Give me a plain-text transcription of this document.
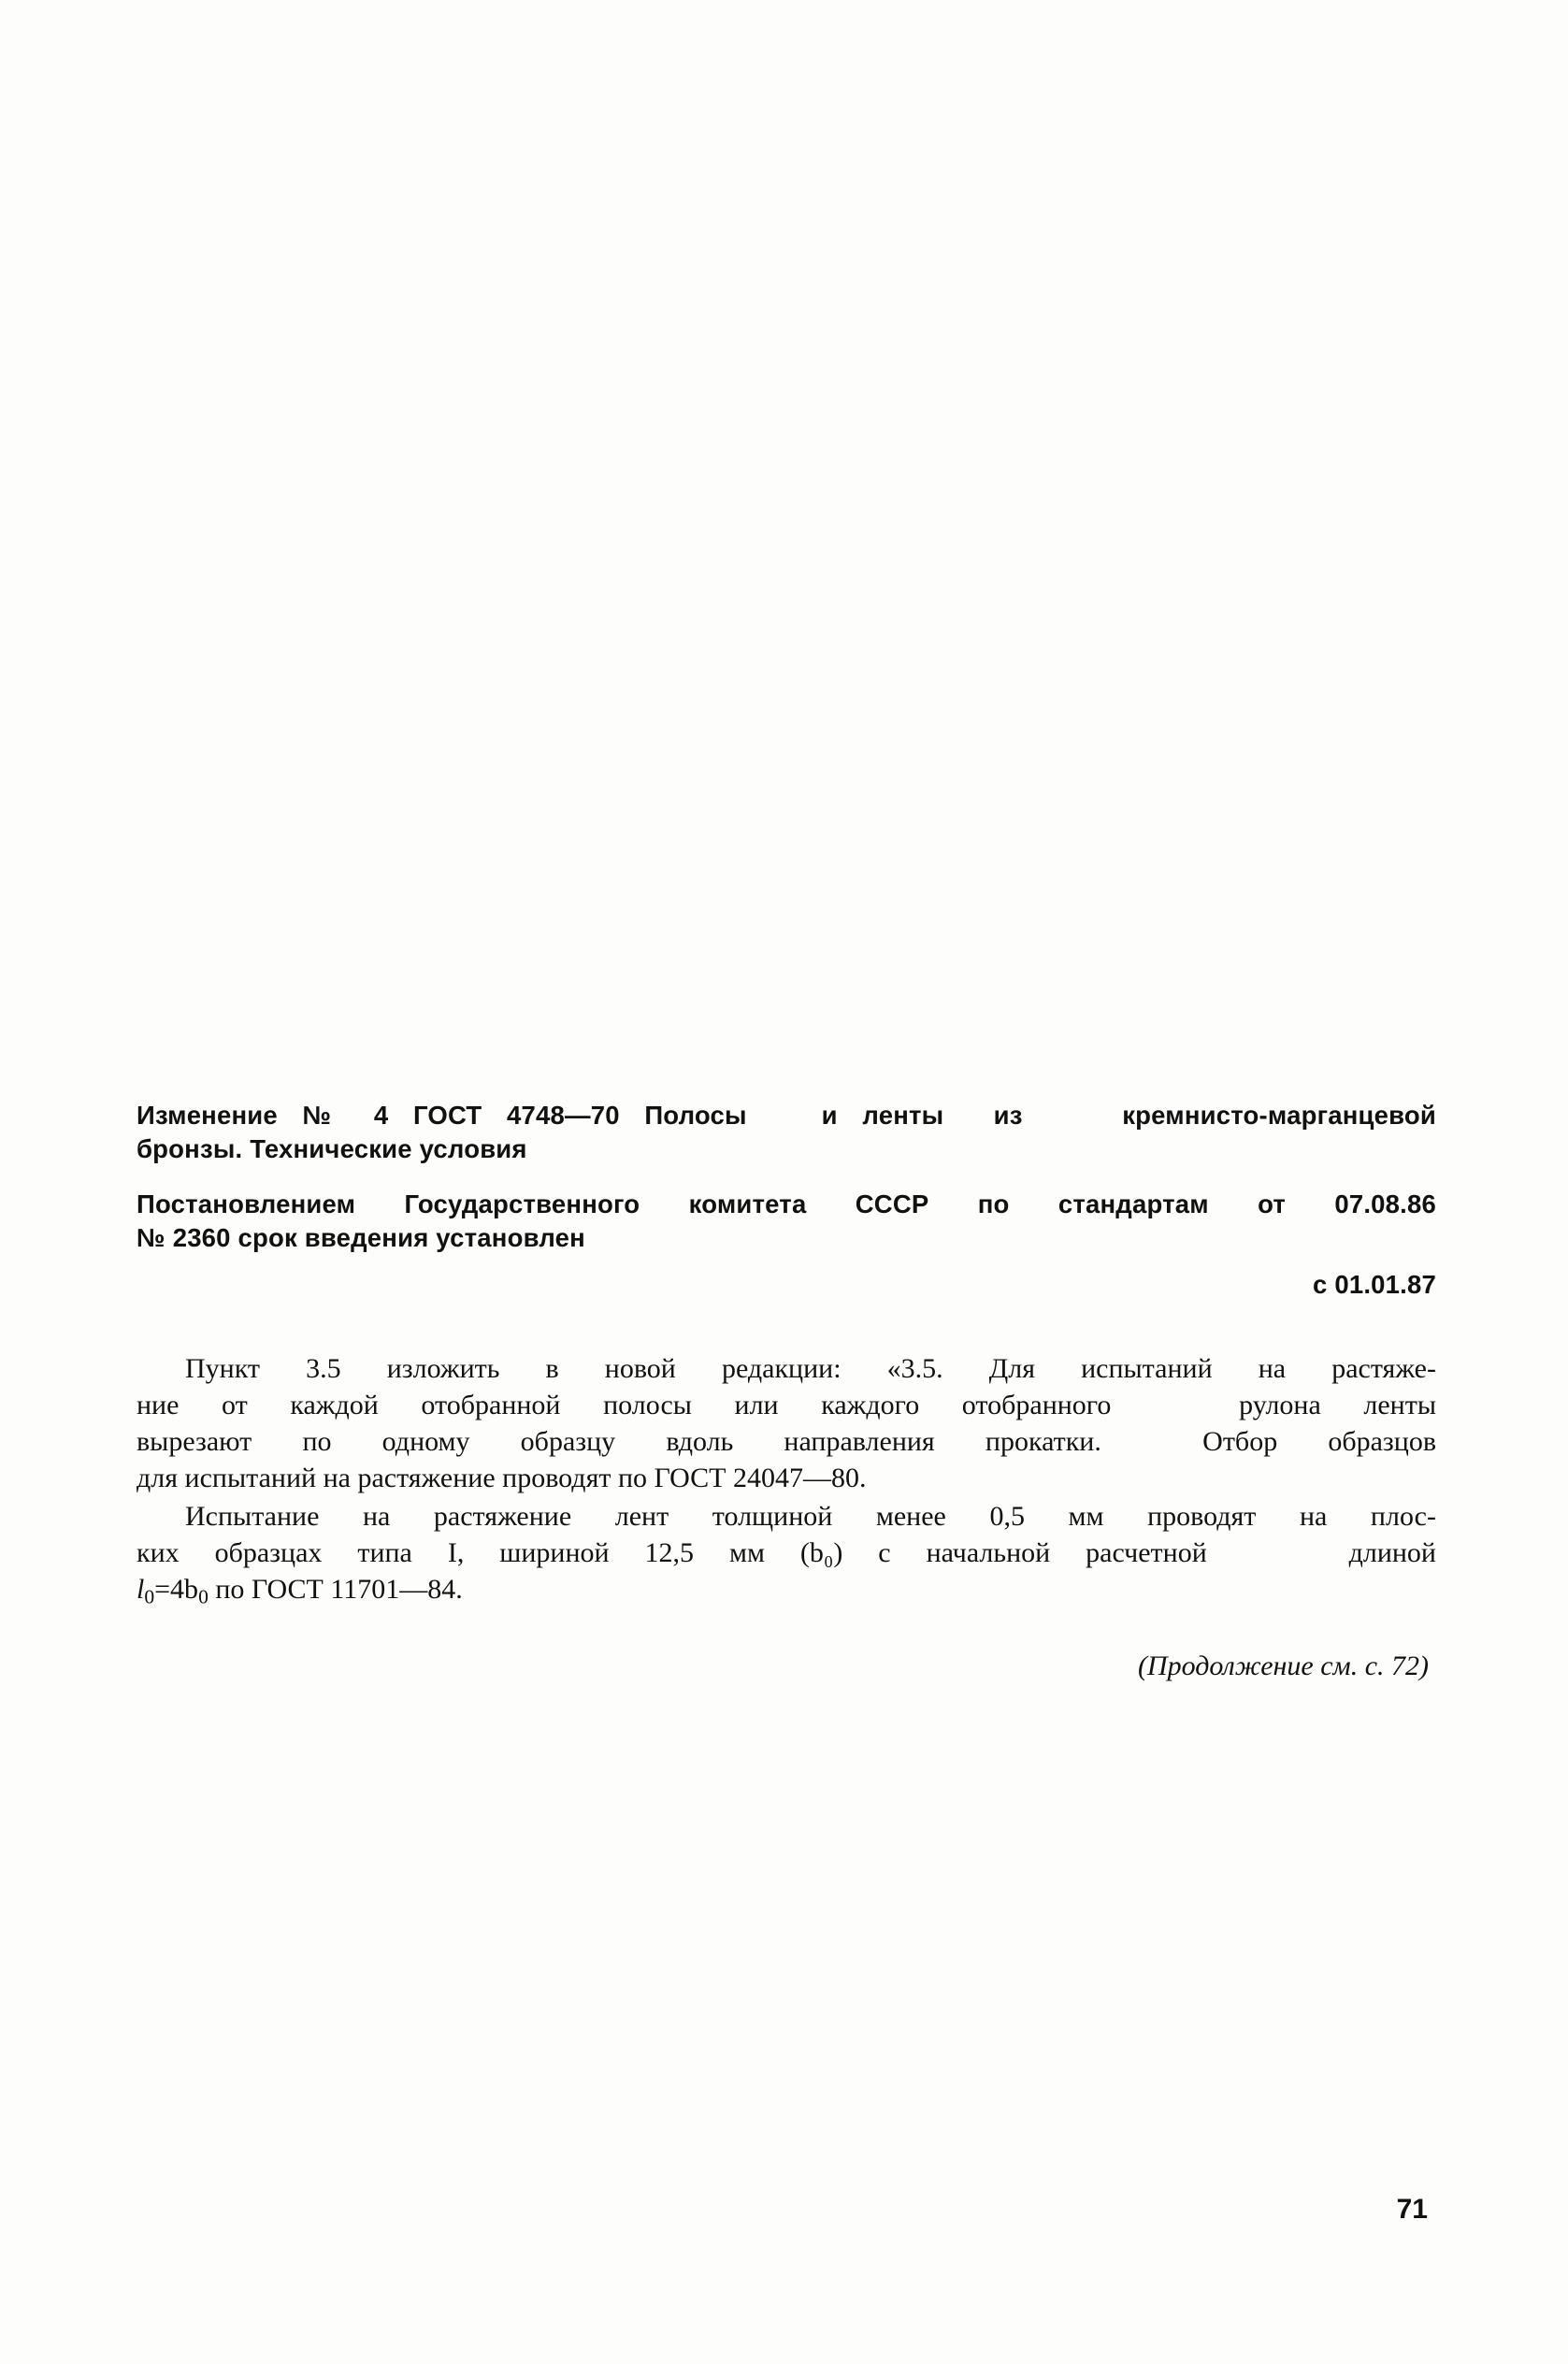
Изменение № 4 ГОСТ 4748—70 Полосы   и ленты  из    кремнисто-марганцевой
бронзы. Технические условия
Постановлением Государственного комитета СССР по стандартам от 07.08.86
№ 2360 срок введения установлен
с 01.01.87
Пункт 3.5 изложить в новой редакции: «3.5. Для испытаний на растяже-
ние от каждой отобранной полосы или каждого отобранного   рулона ленты
вырезают по одному образцу вдоль направления прокатки.  Отбор образцов
для испытаний на растяжение проводят по ГОСТ 24047—80.
Испытание на растяжение лент толщиной менее 0,5 мм проводят на плос-
ких образцах типа I, шириной 12,5 мм (b₀) с начальной расчетной    длиной
$l_0=4b_0$ по ГОСТ 11701—84.
(Продолжение см. с. 72)
71
